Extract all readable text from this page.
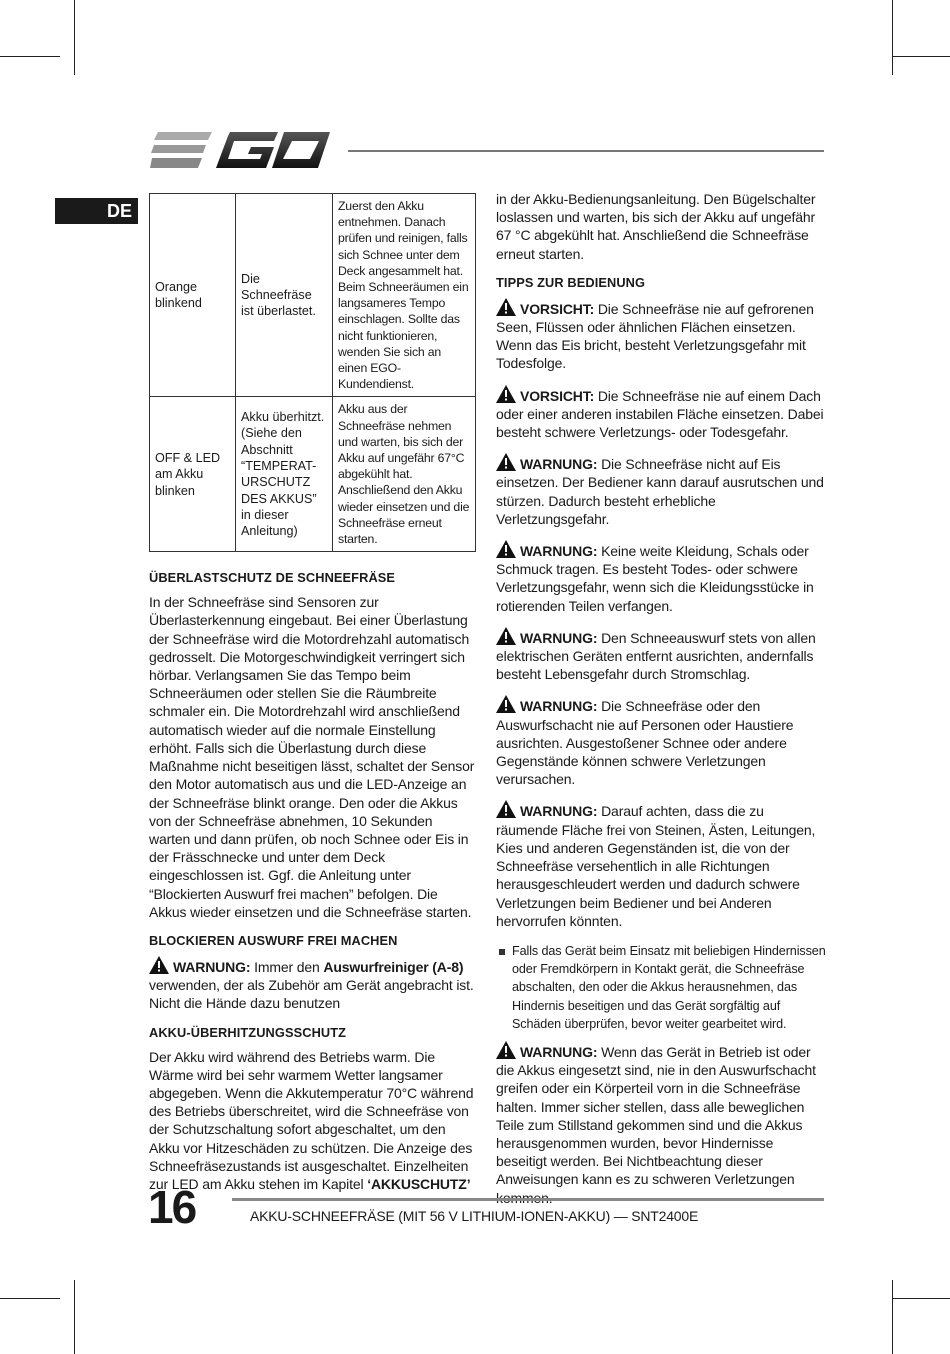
DE
Orange blinkend	Die Schneefräse ist überlastet.	Zuerst den Akku entnehmen. Danach prüfen und reinigen, falls sich Schnee unter dem Deck angesammelt hat. Beim Schneeräumen ein langsameres Tempo einschlagen. Sollte das nicht funktionieren, wenden Sie sich an einen EGO-Kundendienst.
OFF & LED am Akku blinken	Akku überhitzt. (Siehe den Abschnitt “TEMPERAT-URSCHUTZ DES AKKUS” in dieser Anleitung)	Akku aus der Schneefräse nehmen und warten, bis sich der Akku auf ungefähr 67°C abgekühlt hat. Anschließend den Akku wieder einsetzen und die Schneefräse erneut starten.
ÜBERLASTSCHUTZ DE SCHNEEFRÄSE

In der Schneefräse sind Sensoren zur Überlasterkennung eingebaut. Bei einer Überlastung der Schneefräse wird die Motordrehzahl automatisch gedrosselt. Die Motorgeschwindigkeit verringert sich hörbar. Verlangsamen Sie das Tempo beim Schneeräumen oder stellen Sie die Räumbreite schmaler ein. Die Motordrehzahl wird anschließend automatisch wieder auf die normale Einstellung erhöht. Falls sich die Überlastung durch diese Maßnahme nicht beseitigen lässt, schaltet der Sensor den Motor automatisch aus und die LED-Anzeige an der Schneefräse blinkt orange. Den oder die Akkus von der Schneefräse abnehmen, 10 Sekunden warten und dann prüfen, ob noch Schnee oder Eis in der Frässchnecke und unter dem Deck eingeschlossen ist. Ggf. die Anleitung unter “Blockierten Auswurf frei machen” befolgen. Die Akkus wieder einsetzen und die Schneefräse starten.

BLOCKIEREN AUSWURF FREI MACHEN

WARNUNG: Immer den Auswurfreiniger (A-8) verwenden, der als Zubehör am Gerät angebracht ist. Nicht die Hände dazu benutzen

AKKU-ÜBERHITZUNGSSCHUTZ

Der Akku wird während des Betriebs warm. Die Wärme wird bei sehr warmem Wetter langsamer abgegeben. Wenn die Akkutemperatur 70°C während des Betriebs überschreitet, wird die Schneefräse von der Schutzschaltung sofort abgeschaltet, um den Akku vor Hitzeschäden zu schützen. Die Anzeige des Schneefräsezustands ist ausgeschaltet. Einzelheiten zur LED am Akku stehen im Kapitel ‘AKKUSCHUTZ’

in der Akku-Bedienungsanleitung. Den Bügelschalter loslassen und warten, bis sich der Akku auf ungefähr 67 °C abgekühlt hat. Anschließend die Schneefräse erneut starten.

TIPPS ZUR BEDIENUNG

VORSICHT: Die Schneefräse nie auf gefrorenen Seen, Flüssen oder ähnlichen Flächen einsetzen. Wenn das Eis bricht, besteht Verletzungsgefahr mit Todesfolge.

VORSICHT: Die Schneefräse nie auf einem Dach oder einer anderen instabilen Fläche einsetzen. Dabei besteht schwere Verletzungs- oder Todesgefahr.

WARNUNG: Die Schneefräse nicht auf Eis einsetzen. Der Bediener kann darauf ausrutschen und stürzen. Dadurch besteht erhebliche Verletzungsgefahr.

WARNUNG: Keine weite Kleidung, Schals oder Schmuck tragen. Es besteht Todes- oder schwere Verletzungsgefahr, wenn sich die Kleidungsstücke in rotierenden Teilen verfangen.

WARNUNG: Den Schneeauswurf stets von allen elektrischen Geräten entfernt ausrichten, andernfalls besteht Lebensgefahr durch Stromschlag.

WARNUNG: Die Schneefräse oder den Auswurfschacht nie auf Personen oder Haustiere ausrichten. Ausgestoßener Schnee oder andere Gegenstände können schwere Verletzungen verursachen.

WARNUNG: Darauf achten, dass die zu räumende Fläche frei von Steinen, Ästen, Leitungen, Kies und anderen Gegenständen ist, die von der Schneefräse versehentlich in alle Richtungen herausgeschleudert werden und dadurch schwere Verletzungen beim Bediener und bei Anderen hervorrufen könnten.

Falls das Gerät beim Einsatz mit beliebigen Hindernissen oder Fremdkörpern in Kontakt gerät, die Schneefräse abschalten, den oder die Akkus herausnehmen, das Hindernis beseitigen und das Gerät sorgfältig auf Schäden überprüfen, bevor weiter gearbeitet wird.

WARNUNG: Wenn das Gerät in Betrieb ist oder die Akkus eingesetzt sind, nie in den Auswurfschacht greifen oder ein Körperteil vorn in die Schneefräse halten. Immer sicher stellen, dass alle beweglichen Teile zum Stillstand gekommen sind und die Akkus herausgenommen wurden, bevor Hindernisse beseitigt werden. Bei Nichtbeachtung dieser Anweisungen kann es zu schweren Verletzungen

16	AKKU-SCHNEEFRÄSE (MIT 56 V LITHIUM-IONEN-AKKU) — SNT2400E
